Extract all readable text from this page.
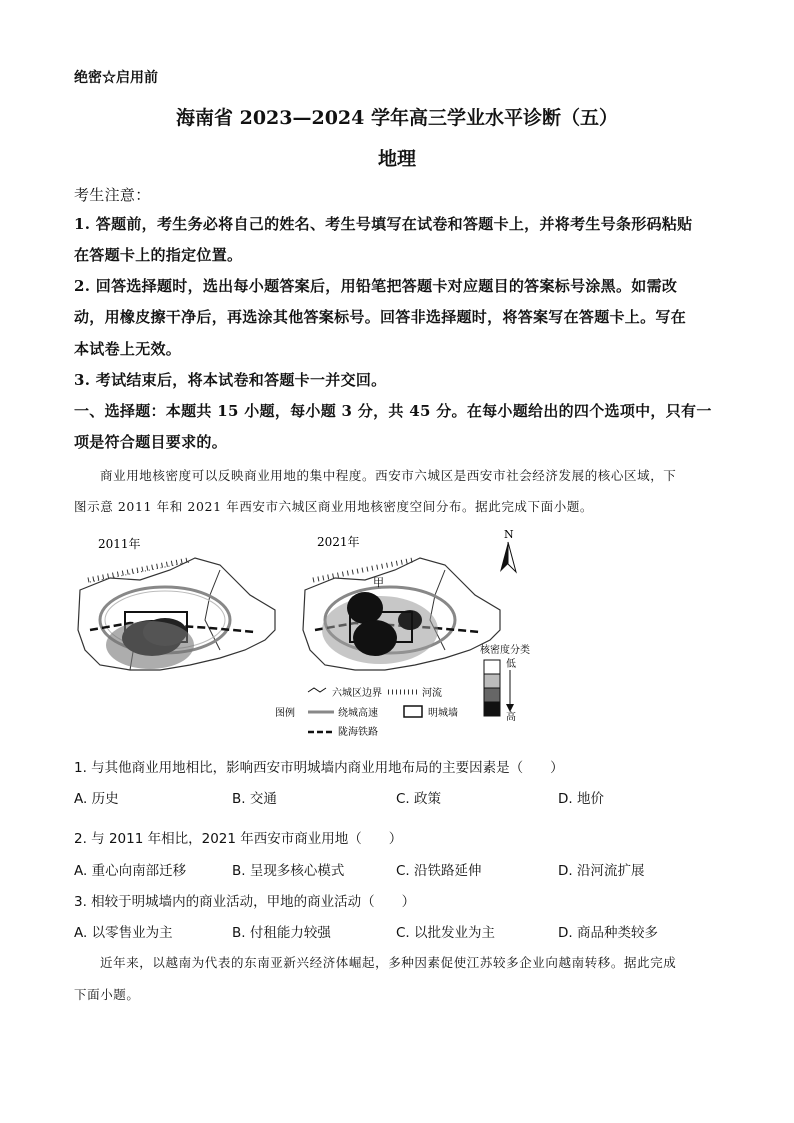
绝密☆启用前
海南省 2023—2024 学年高三学业水平诊断（五）
地理
考生注意：
1. 答题前，考生务必将自己的姓名、考生号填写在试卷和答题卡上，并将考生号条形码粘贴
在答题卡上的指定位置。
2. 回答选择题时，选出每小题答案后，用铅笔把答题卡对应题目的答案标号涂黑。如需改
动，用橡皮擦干净后，再选涂其他答案标号。回答非选择题时，将答案写在答题卡上。写在
本试卷上无效。
3. 考试结束后，将本试卷和答题卡一并交回。
一、选择题：本题共 15 小题，每小题 3 分，共 45 分。在每小题给出的四个选项中，只有一
项是符合题目要求的。
商业用地核密度可以反映商业用地的集中程度。西安市六城区是西安市社会经济发展的核心区域，下
图示意 2011 年和 2021 年西安市六城区商业用地核密度空间分布。据此完成下面小题。
2011年	2021年
甲
N
核密度分类
低
高
图例
六城区边界	河流
绕城高速	明城墙
陇海铁路
1. 与其他商业用地相比，影响西安市明城墙内商业用地布局的主要因素是（　　）
A. 历史	B. 交通	C. 政策	D. 地价
2. 与 2011 年相比，2021 年西安市商业用地（　　）
A. 重心向南部迁移	B. 呈现多核心模式	C. 沿铁路延伸	D. 沿河流扩展
3. 相较于明城墙内的商业活动，甲地的商业活动（　　）
A. 以零售业为主	B. 付租能力较强	C. 以批发业为主	D. 商品种类较多
近年来，以越南为代表的东南亚新兴经济体崛起，多种因素促使江苏较多企业向越南转移。据此完成
下面小题。
